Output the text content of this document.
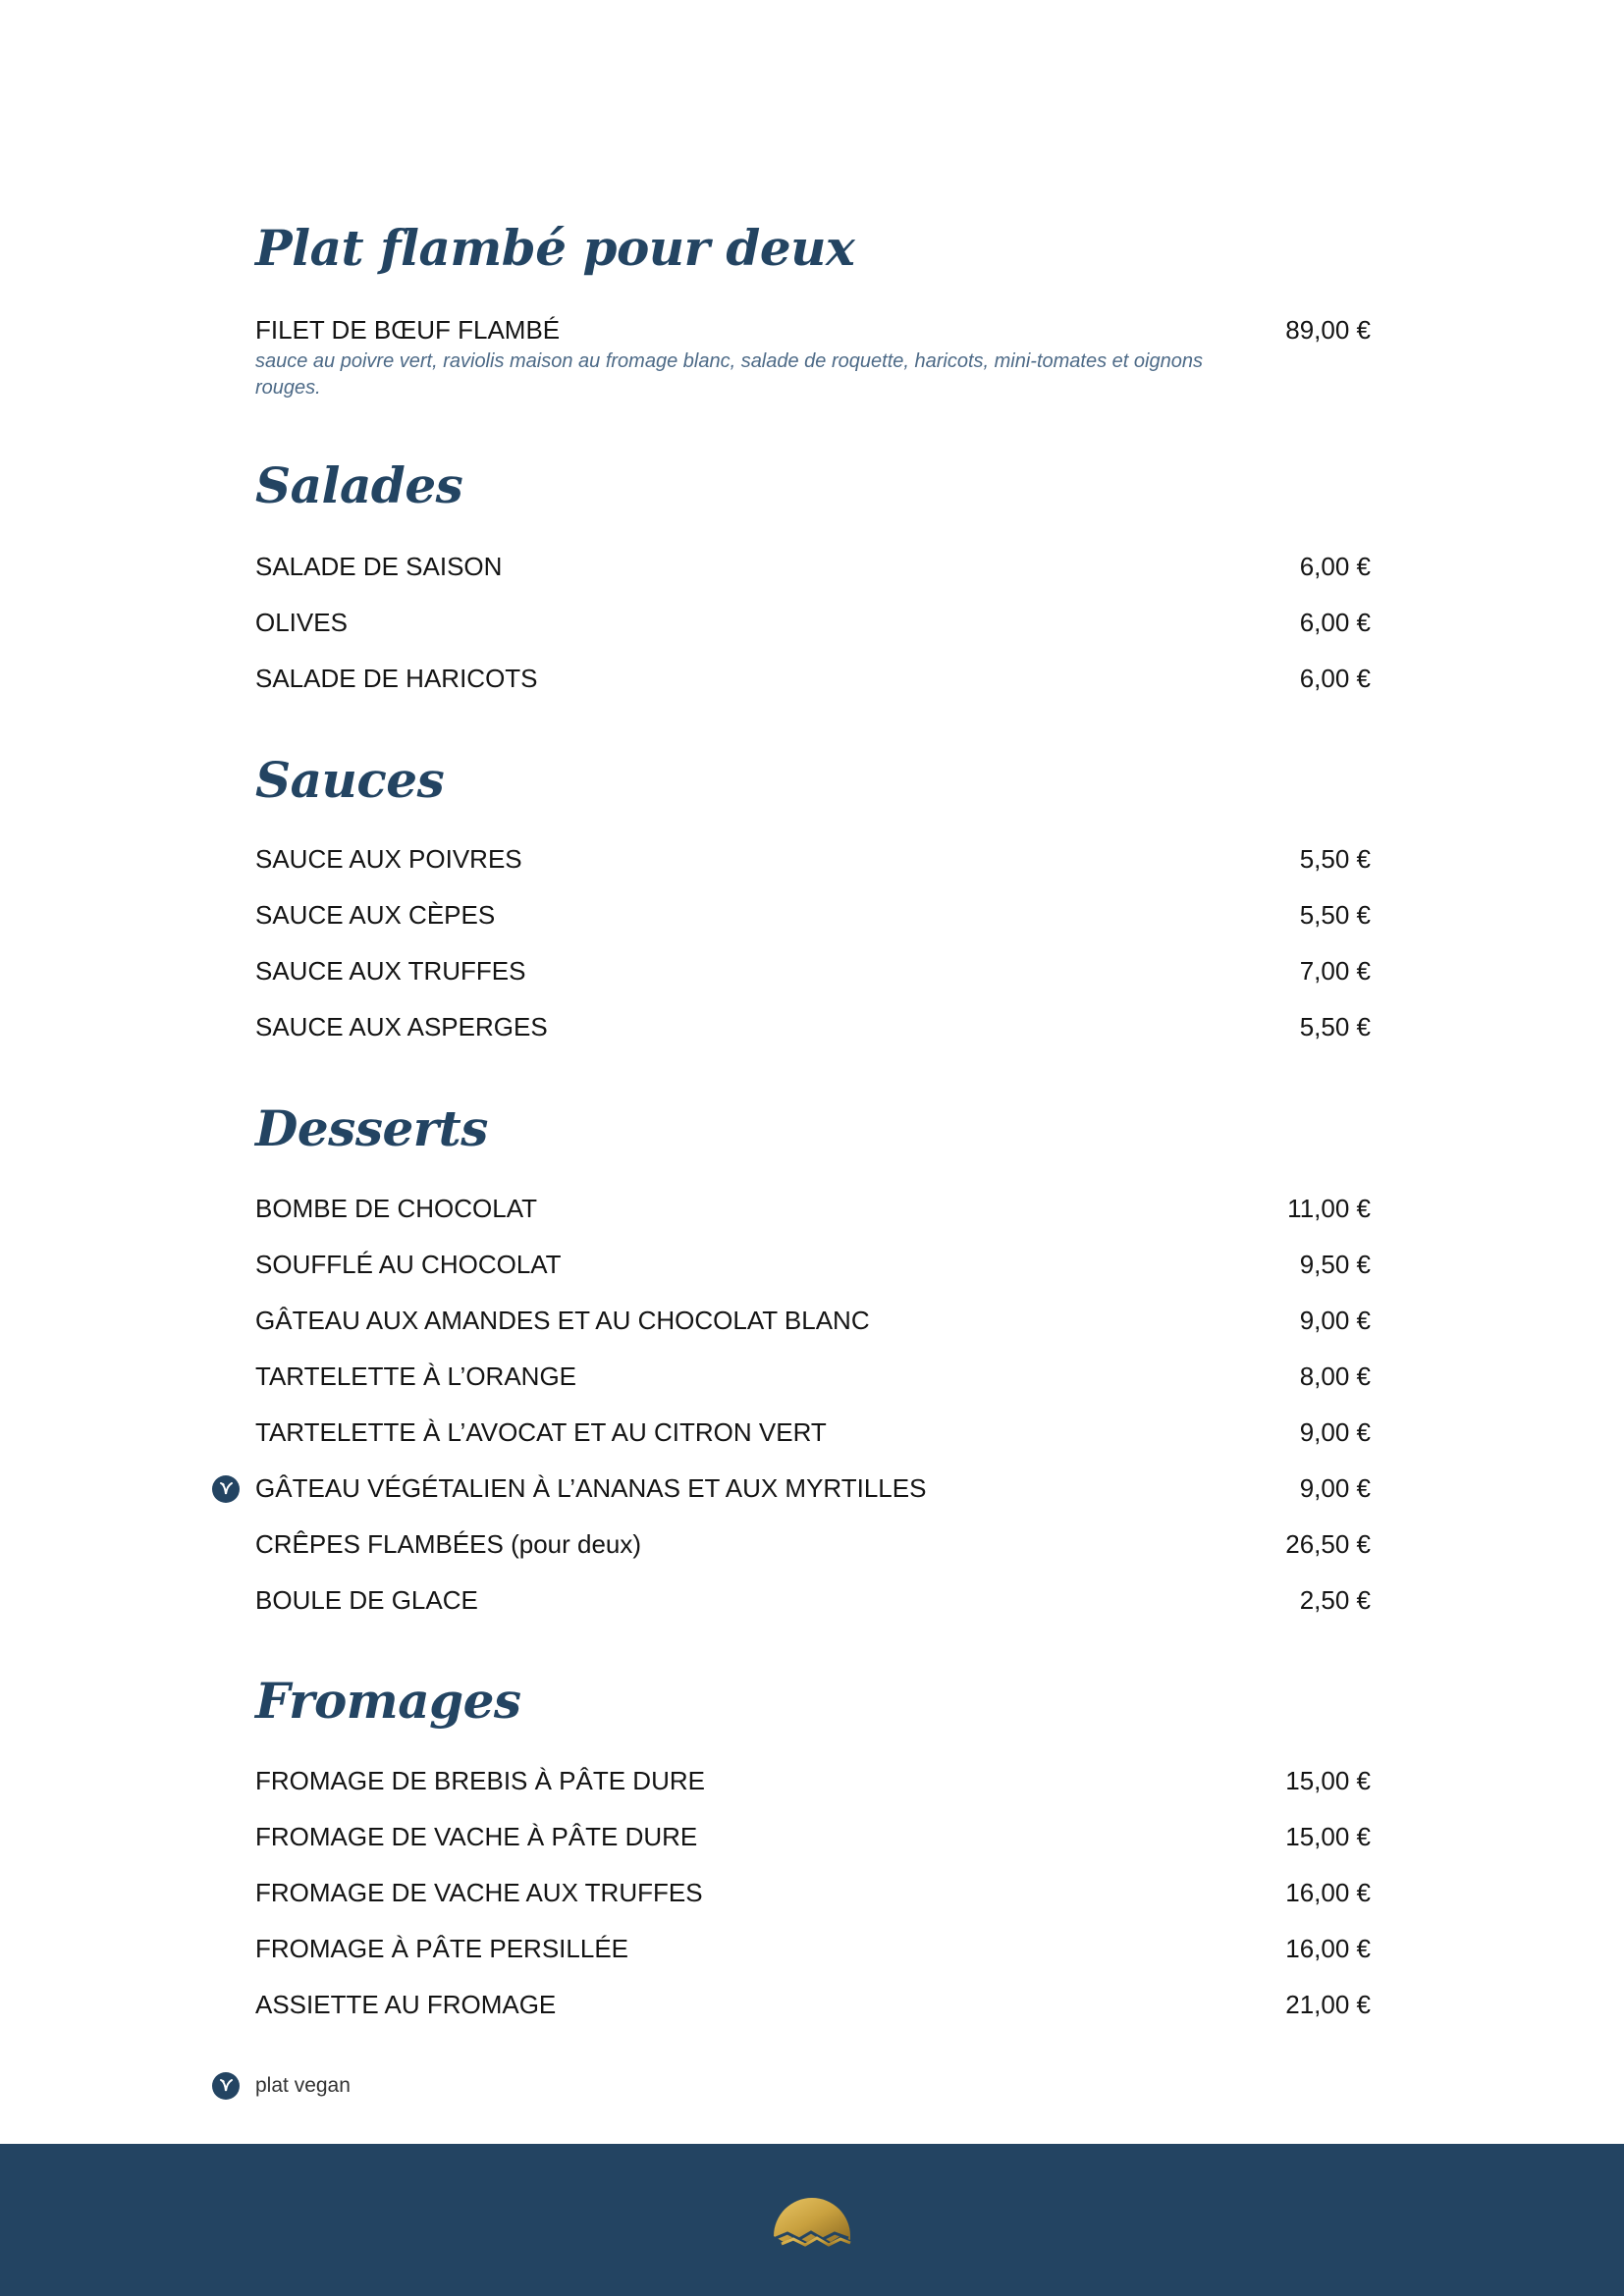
Plat flambé pour deux
FILET DE BŒUF FLAMBÉ	89,00 €
sauce au poivre vert, raviolis maison au fromage blanc, salade de roquette, haricots, mini-tomates et oignons rouges.
Salades
SALADE DE SAISON	6,00 €
OLIVES	6,00 €
SALADE DE HARICOTS	6,00 €
Sauces
SAUCE AUX POIVRES	5,50 €
SAUCE AUX CÈPES	5,50 €
SAUCE AUX TRUFFES	7,00 €
SAUCE AUX ASPERGES	5,50 €
Desserts
BOMBE DE CHOCOLAT	11,00 €
SOUFFLÉ AU CHOCOLAT	9,50 €
GÂTEAU AUX AMANDES ET AU CHOCOLAT BLANC	9,00 €
TARTELETTE À L’ORANGE	8,00 €
TARTELETTE À L’AVOCAT ET AU CITRON VERT	9,00 €
GÂTEAU VÉGÉTALIEN À L’ANANAS ET AUX MYRTILLES	9,00 €
CRÊPES FLAMBÉES (pour deux)	26,50 €
BOULE DE GLACE	2,50 €
Fromages
FROMAGE DE BREBIS À PÂTE DURE	15,00 €
FROMAGE DE VACHE À PÂTE DURE	15,00 €
FROMAGE DE VACHE AUX TRUFFES	16,00 €
FROMAGE À PÂTE PERSILLÉE	16,00 €
ASSIETTE AU FROMAGE	21,00 €
plat vegan
